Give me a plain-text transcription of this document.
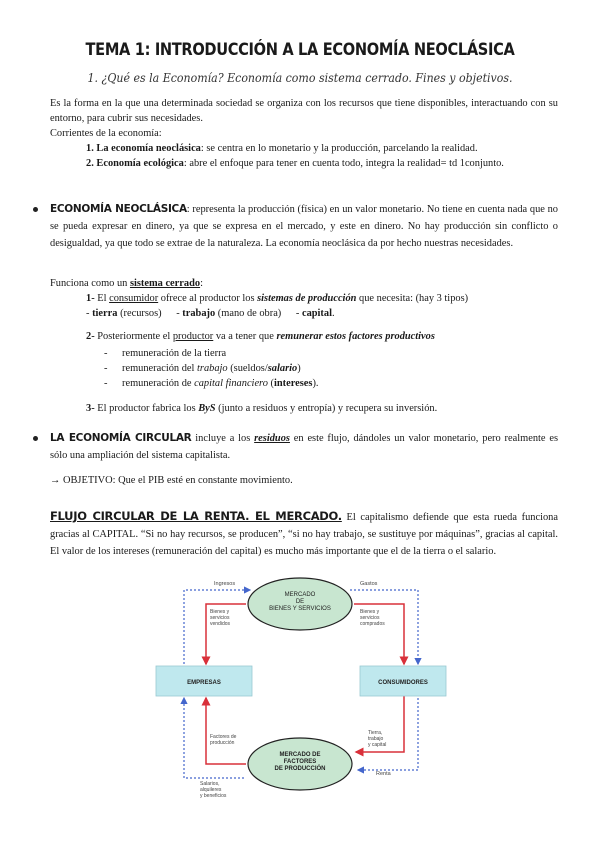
TEMA 1: INTRODUCCIÓN A LA ECONOMÍA NEOCLÁSICA
1. ¿Qué es la Economía? Economía como sistema cerrado. Fines y objetivos.
Es la forma en la que una determinada sociedad se organiza con los recursos que tiene disponibles, interactuando con su entorno, para cubrir sus necesidades.
Corrientes de la economía:
1. La economía neoclásica: se centra en lo monetario y la producción, parcelando la realidad.
2. Economía ecológica: abre el enfoque para tener en cuenta todo, integra la realidad= td 1conjunto.
ECONOMÍA NEOCLÁSICA: representa la producción (física) en un valor monetario. No tiene en cuenta nada que no se pueda expresar en dinero, ya que se expresa en el mercado, y este en dinero. No hay producción sin conflicto o desigualdad, ya que todo se extrae de la naturaleza. La economía neoclásica da por hecho nuestras necesidades.
Funciona como un sistema cerrado:
1- El consumidor ofrece al productor los sistemas de producción que necesita: (hay 3 tipos)
- tierra (recursos) - trabajo (mano de obra) - capital.
2- Posteriormente el productor va a tener que remunerar estos factores productivos
- remuneración de la tierra
- remuneración del trabajo (sueldos/salario)
- remuneración de capital financiero (intereses).
3- El productor fabrica los ByS (junto a residuos y entropía) y recupera su inversión.
LA ECONOMÍA CIRCULAR incluye a los residuos en este flujo, dándoles un valor monetario, pero realmente es sólo una ampliación del sistema capitalista.
→ OBJETIVO: Que el PIB esté en constante movimiento.
FLUJO CIRCULAR DE LA RENTA. EL MERCADO. El capitalismo defiende que esta rueda funciona gracias al CAPITAL. “Si no hay recursos, se producen”, “si no hay trabajo, se sustituye por máquinas”, gracias al capital. El valor de los intereses (remuneración del capital) es mucho más importante que el de la tierra o el salario.
MERCADO
DE
BIENES Y SERVICIOS
MERCADO DE
FACTORES
DE PRODUCCIÓN
EMPRESAS	CONSUMIDORES
Ingresos	Gastos
Bienes y
servicios
vendidos
Bienes y
servicios
comprados
Factores de
producción
Tierra,
trabajo
y capital
Salarios,
alquileres
y beneficios
Renta
